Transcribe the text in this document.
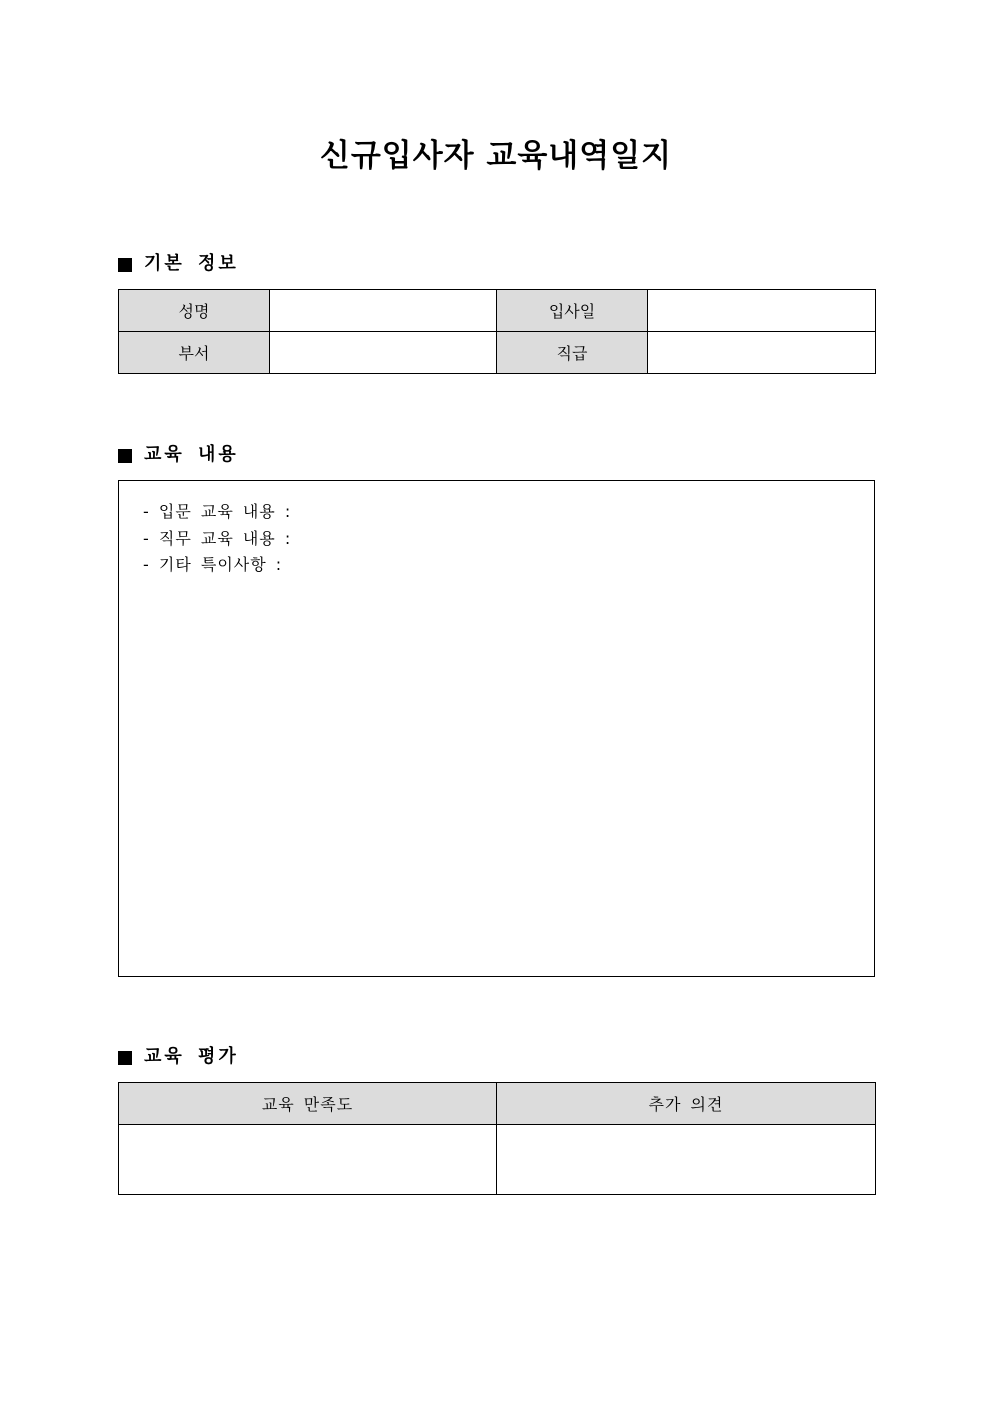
신규입사자 교육내역일지
기본 정보
성명		입사일	
부서		직급	
교육 내용
- 입문 교육 내용 :
- 직무 교육 내용 :
- 기타 특이사항 :
교육 평가
교육 만족도	추가 의견
